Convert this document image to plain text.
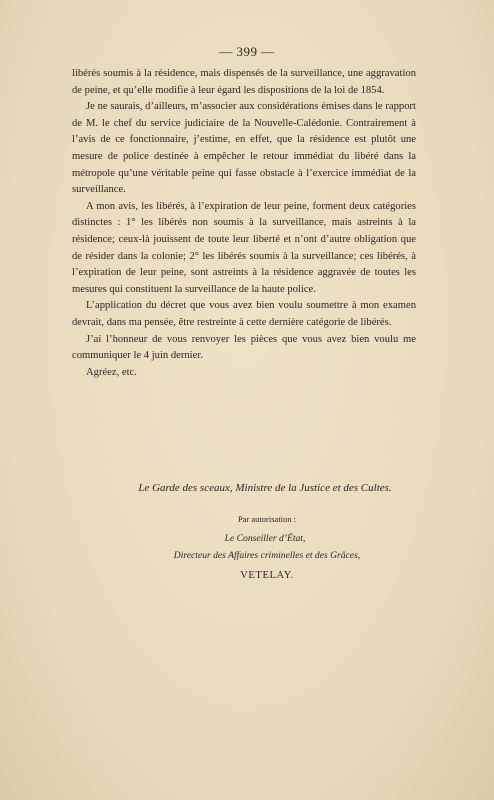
— 399 —

libérés soumis à la résidence, mais dispensés de la surveillance, une aggravation de peine, et qu’elle modifie à leur égard les dispositions de la loi de 1854.

Je ne saurais, d’ailleurs, m’associer aux considérations émises dans le rapport de M. le chef du service judiciaire de la Nouvelle-Calédonie. Contrairement à l’avis de ce fonctionnaire, j’estime, en effet, que la résidence est plutôt une mesure de police destinée à empêcher le retour immédiat du libéré dans la métropole qu’une véritable peine qui fasse obstacle à l’exercice immédiat de la surveillance.

A mon avis, les libérés, à l’expiration de leur peine, forment deux catégories distinctes : 1° les libérés non soumis à la surveillance, mais astreints à la résidence; ceux-là jouissent de toute leur liberté et n’ont d’autre obligation que de résider dans la colonie; 2° les libérés soumis à la surveillance; ces libérés, à l’expiration de leur peine, sont astreints à la résidence aggravée de toutes les mesures qui constituent la surveillance de la haute police.

L’application du décret que vous avez bien voulu soumettre à mon examen devrait, dans ma pensée, être restreinte à cette dernière catégorie de libérés.

J’ai l’honneur de vous renvoyer les pièces que vous avez bien voulu me communiquer le 4 juin dernier.

Agréez, etc.

Le Garde des sceaux, Ministre de la Justice et des Cultes.
Par autorisation :
Le Conseiller d’État,
Directeur des Affaires criminelles et des Grâces,
VETELAY.
